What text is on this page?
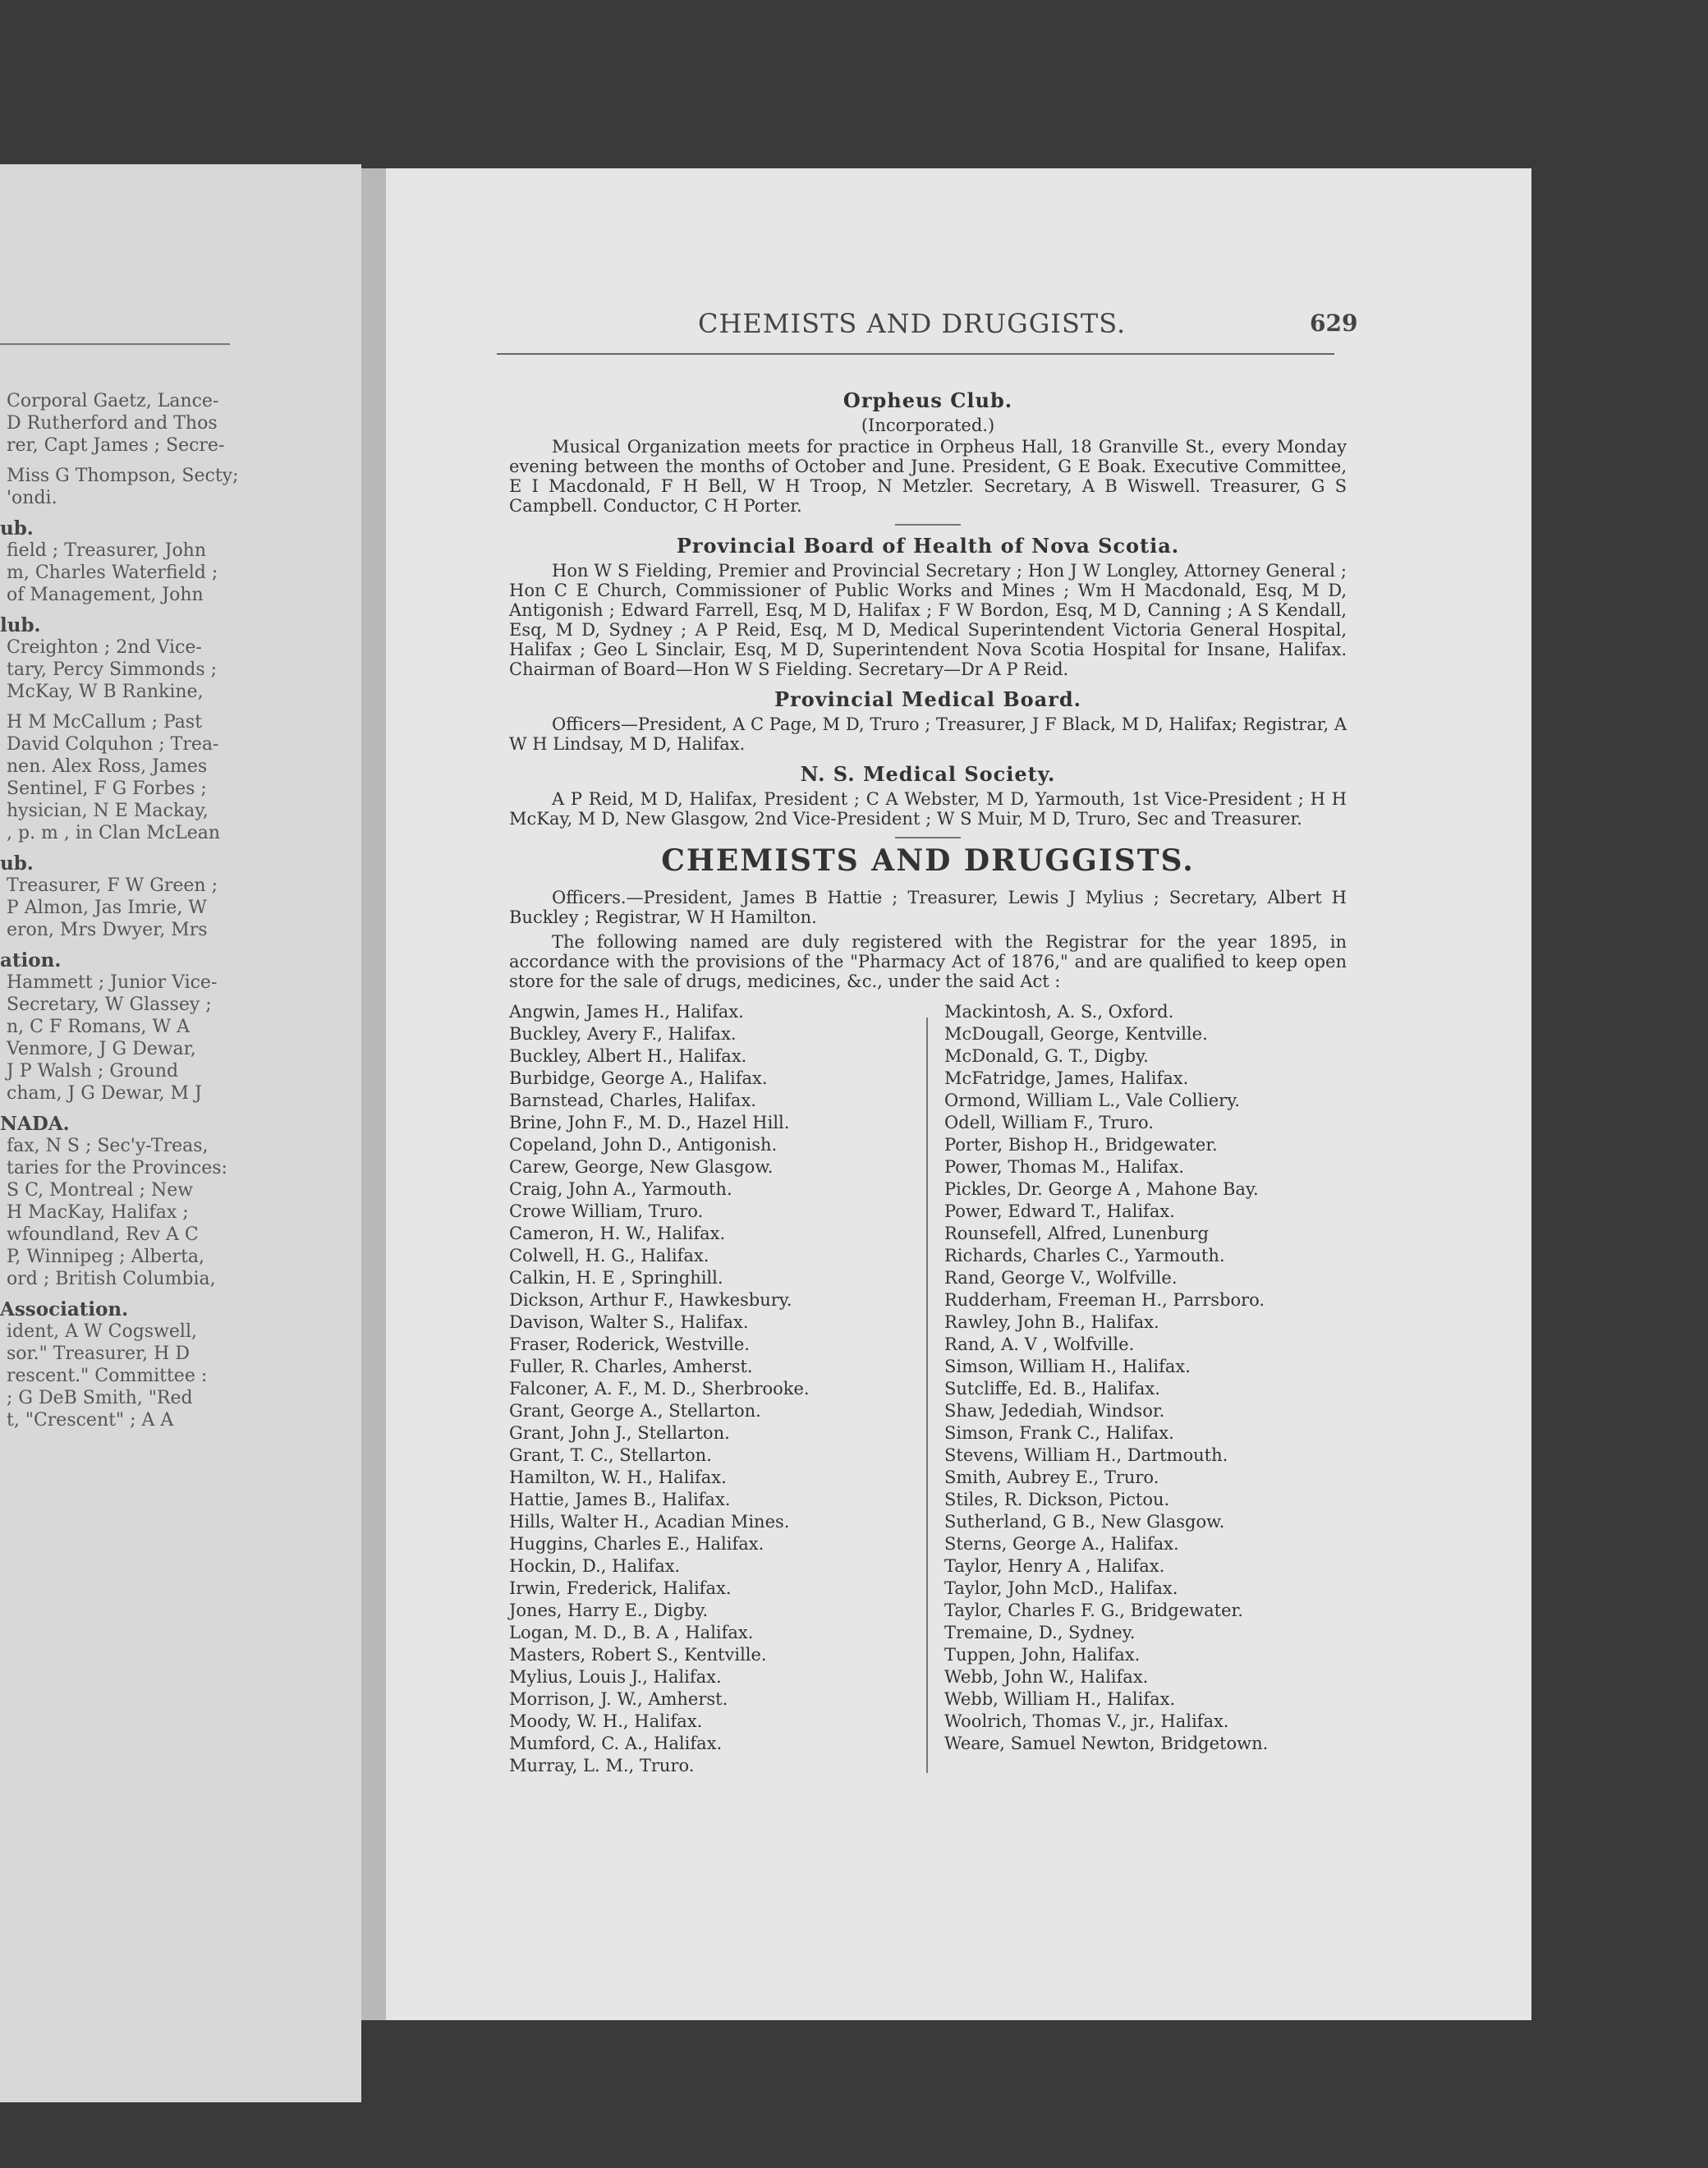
Corporal Gaetz, Lance-
D Rutherford and Thos
rer, Capt James ; Secre-
Miss G Thompson, Secty;
'ondi.
ub.
field ; Treasurer, John
m, Charles Waterfield ;
of Management, John
lub.
Creighton ; 2nd Vice-
tary, Percy Simmonds ;
McKay, W B Rankine,
H M McCallum ; Past
David Colquhon ; Trea-
nen. Alex Ross, James
Sentinel, F G Forbes ;
hysician, N E Mackay,
, p. m , in Clan McLean
ub.
Treasurer, F W Green ;
P Almon, Jas Imrie, W
eron, Mrs Dwyer, Mrs
ation.
Hammett ; Junior Vice-
Secretary, W Glassey ;
n, C F Romans, W A
Venmore, J G Dewar,
J P Walsh ; Ground
cham, J G Dewar, M J
NADA.
fax, N S ; Sec'y-Treas,
taries for the Provinces:
S C, Montreal ; New
H MacKay, Halifax ;
wfoundland, Rev A C
P, Winnipeg ; Alberta,
ord ; British Columbia,
Association.
ident, A W Cogswell,
sor." Treasurer, H D
rescent." Committee :
; G DeB Smith, "Red
t, "Crescent" ; A A
CHEMISTS AND DRUGGISTS.	629
Orpheus Club.
(Incorporated.)

Musical Organization meets for practice in Orpheus Hall, 18 Granville St., every Monday evening between the months of October and June. President, G E Boak. Executive Committee, E I Macdonald, F H Bell, W H Troop, N Metzler. Secretary, A B Wiswell. Treasurer, G S Campbell. Conductor, C H Porter.

Provincial Board of Health of Nova Scotia.

Hon W S Fielding, Premier and Provincial Secretary ; Hon J W Longley, Attorney General ; Hon C E Church, Commissioner of Public Works and Mines ; Wm H Macdonald, Esq, M D, Antigonish ; Edward Farrell, Esq, M D, Halifax ; F W Bordon, Esq, M D, Canning ; A S Kendall, Esq, M D, Sydney ; A P Reid, Esq, M D, Medical Superintendent Victoria General Hospital, Halifax ; Geo L Sinclair, Esq, M D, Superintendent Nova Scotia Hospital for Insane, Halifax. Chairman of Board—Hon W S Fielding. Secretary—Dr A P Reid.

Provincial Medical Board.

Officers—President, A C Page, M D, Truro ; Treasurer, J F Black, M D, Halifax; Registrar, A W H Lindsay, M D, Halifax.

N. S. Medical Society.

A P Reid, M D, Halifax, President ; C A Webster, M D, Yarmouth, 1st Vice-President ; H H McKay, M D, New Glasgow, 2nd Vice-President ; W S Muir, M D, Truro, Sec and Treasurer.

CHEMISTS AND DRUGGISTS.

Officers.—President, James B Hattie ; Treasurer, Lewis J Mylius ; Secretary, Albert H Buckley ; Registrar, W H Hamilton.

The following named are duly registered with the Registrar for the year 1895, in accordance with the provisions of the "Pharmacy Act of 1876," and are qualified to keep open store for the sale of drugs, medicines, &c., under the said Act :

Angwin, James H., Halifax.
Buckley, Avery F., Halifax.
Buckley, Albert H., Halifax.
Burbidge, George A., Halifax.
Barnstead, Charles, Halifax.
Brine, John F., M. D., Hazel Hill.
Copeland, John D., Antigonish.
Carew, George, New Glasgow.
Craig, John A., Yarmouth.
Crowe William, Truro.
Cameron, H. W., Halifax.
Colwell, H. G., Halifax.
Calkin, H. E , Springhill.
Dickson, Arthur F., Hawkesbury.
Davison, Walter S., Halifax.
Fraser, Roderick, Westville.
Fuller, R. Charles, Amherst.
Falconer, A. F., M. D., Sherbrooke.
Grant, George A., Stellarton.
Grant, John J., Stellarton.
Grant, T. C., Stellarton.
Hamilton, W. H., Halifax.
Hattie, James B., Halifax.
Hills, Walter H., Acadian Mines.
Huggins, Charles E., Halifax.
Hockin, D., Halifax.
Irwin, Frederick, Halifax.
Jones, Harry E., Digby.
Logan, M. D., B. A , Halifax.
Masters, Robert S., Kentville.
Mylius, Louis J., Halifax.
Morrison, J. W., Amherst.
Moody, W. H., Halifax.
Mumford, C. A., Halifax.
Murray, L. M., Truro.
Mackintosh, A. S., Oxford.
McDougall, George, Kentville.
McDonald, G. T., Digby.
McFatridge, James, Halifax.
Ormond, William L., Vale Colliery.
Odell, William F., Truro.
Porter, Bishop H., Bridgewater.
Power, Thomas M., Halifax.
Pickles, Dr. George A , Mahone Bay.
Power, Edward T., Halifax.
Rounsefell, Alfred, Lunenburg
Richards, Charles C., Yarmouth.
Rand, George V., Wolfville.
Rudderham, Freeman H., Parrsboro.
Rawley, John B., Halifax.
Rand, A. V , Wolfville.
Simson, William H., Halifax.
Sutcliffe, Ed. B., Halifax.
Shaw, Jedediah, Windsor.
Simson, Frank C., Halifax.
Stevens, William H., Dartmouth.
Smith, Aubrey E., Truro.
Stiles, R. Dickson, Pictou.
Sutherland, G B., New Glasgow.
Sterns, George A., Halifax.
Taylor, Henry A , Halifax.
Taylor, John McD., Halifax.
Taylor, Charles F. G., Bridgewater.
Tremaine, D., Sydney.
Tuppen, John, Halifax.
Webb, John W., Halifax.
Webb, William H., Halifax.
Woolrich, Thomas V., jr., Halifax.
Weare, Samuel Newton, Bridgetown.
